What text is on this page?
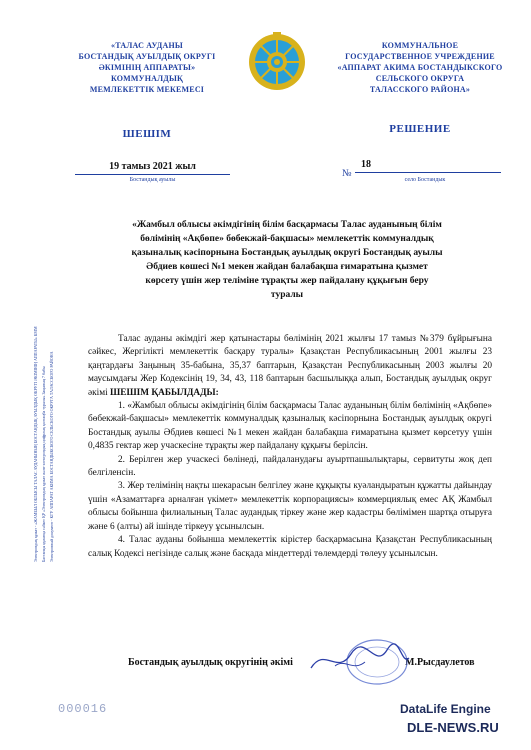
«ТАЛАС АУДАНЫ
БОСТАНДЫҚ АУЫЛДЫҚ ОКРУГІ
ӘКІМІНІҢ АППАРАТЫ»
КОММУНАЛДЫҚ
МЕМЛЕКЕТТІК МЕКЕМЕСІ
ШЕШІМ
КОММУНАЛЬНОЕ
ГОСУДАРСТВЕННОЕ УЧРЕЖДЕНИЕ
«АППАРАТ АКИМА БОСТАНДЫКСКОГО
СЕЛЬСКОГО ОКРУГА
ТАЛАССКОГО РАЙОНА»
РЕШЕНИЕ
19 тамыз 2021 жыл
Бостандық ауылы
№
18
село Бостандык
«Жамбыл облысы әкімдігінің білім басқармасы Талас ауданының білім
бөлімінің «Ақбөпе» бөбекжай-бақшасы» мемлекеттік коммуналдық
қазыналық кәсіпорнына Бостандық ауылдық округі Бостандық ауылы
Әбдиев көшесі №1 мекен жайдан балабақша ғимаратына қызмет
көрсету үшін жер теліміне тұрақты жер пайдалану құқығын беру
туралы

Талас ауданы әкімдігі жер қатынастары бөлімінің 2021 жылғы 17 тамыз №379 бұйрығына сәйкес, Жергілікті мемлекеттік басқару туралы» Қазақстан Республикасының 2001 жылғы 23 қаңтардағы Заңының 35-бабына, 35,37 баптарын, Қазақстан Республикасының 2003 жылғы 20 маусымдағы Жер Кодексінің 19, 34, 43, 118 баптарын басшылыққа алып, Бостандық ауылдық округ әкімі ШЕШІМ ҚАБЫЛДАДЫ:

1. «Жамбыл облысы әкімдігінің білім басқармасы Талас ауданының білім бөлімінің «Ақбөпе» бөбекжай-бақшасы» мемлекеттік коммуналдық қазыналық кәсіпорнына Бостандық ауылдық округі Бостандық ауылы Әбдиев көшесі №1 мекен жайдан балабақша ғимаратына қызмет көрсетуу үшін 0,4835 гектар жер учаскесіне тұрақты жер пайдалану құқығы берілсін.

2. Берілген жер учаскесі бөлінеді, пайдаланудағы ауыртпашылықтары, сервитуты жоқ деп белгіленсін.

3. Жер телімінің нақты шекарасын белгілеу және құқықты куәландыратын құжатты дайындау үшін «Азаматтарға арналған үкімет» мемлекеттік корпорациясы» коммерциялық емес АҚ Жамбыл облысы бойынша филиалының Талас аудандық тіркеу және жер кадастры бөлімімен шартқа отыруға және 6 (алты) ай ішінде тіркеуу ұсынылсын.

4. Талас ауданы бойынша мемлекеттік кірістер басқармасына Қазақстан Республикасының салық Кодексі негізінде салық және басқада міндеттерді төлемдерді төлеуу ұсынылсын.

Бостандық ауылдық округінің әкімі	М.Рысдаулетов
Электрондық құжат - «ЖАМБЫЛ ОБЛЫСЫ ТАЛАС АУДАНЫНЫҢ БОСТАНДЫҚ АУЫЛДЫҚ ОКРУГІ ӘКІМІНІҢ АППАРАТЫ» КММ Бастапқы құжатқа сәйкес ҚР «Электрондық құжат және электрондық цифрлық қолтаңба туралы» Заңының 7 бабы Электронный документ - КГУ АППАРАТ АКИМА БОСТАНДЫКСКОГО СЕЛЬСКОГО ОКРУГА ТАЛАССКОГО РАЙОНА
000016	DataLife Engine
DLE-NEWS.RU
